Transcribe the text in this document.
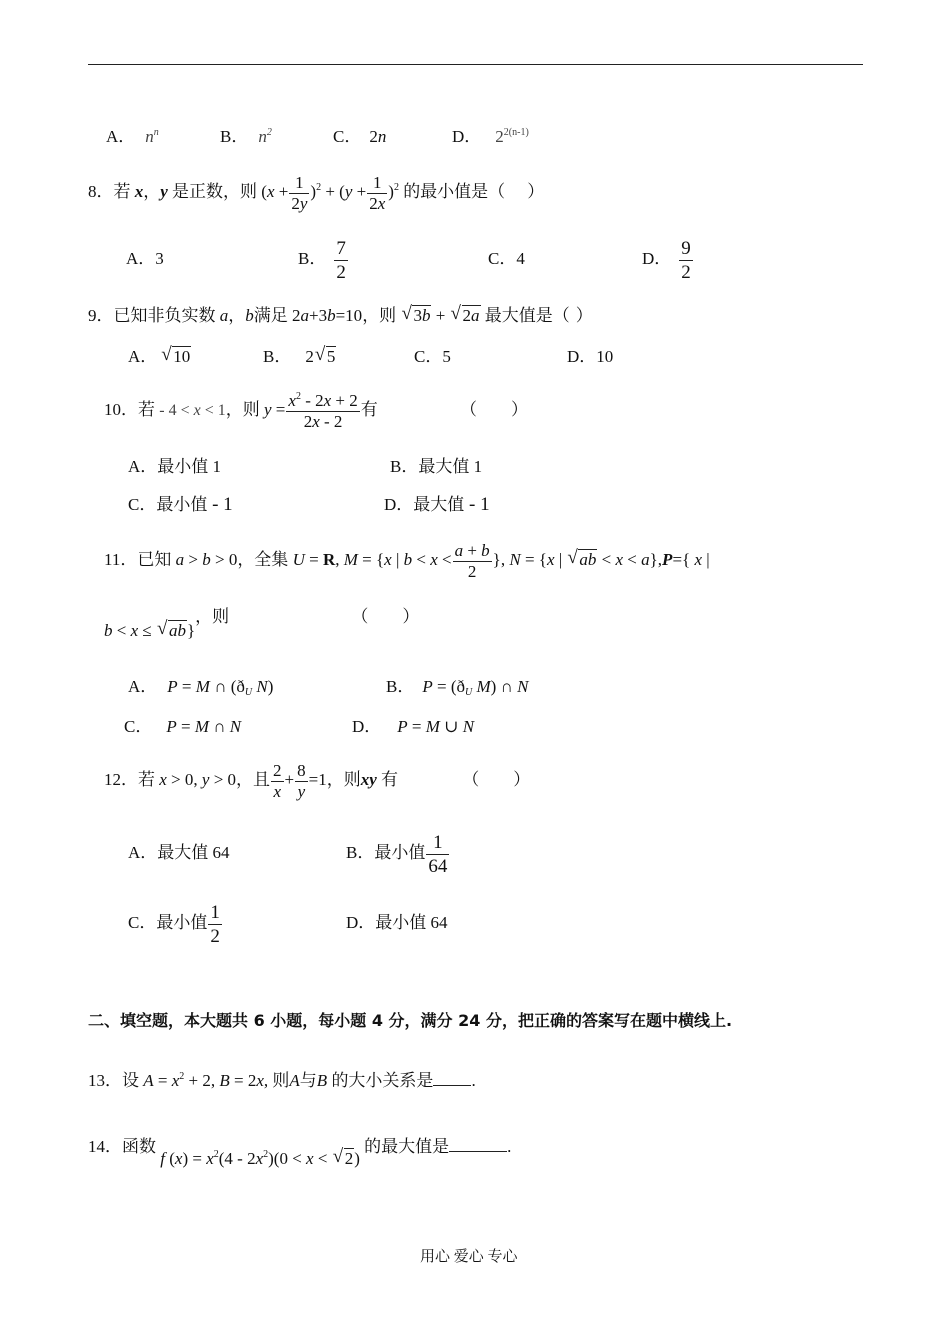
A． $n^n$	B． $n^2$	C． 2n	D． $2^{2(n-1)}$
8．若 x，y 是正数，则 $(x + \frac{1}{2y} )^2 + (y + \frac{1}{2x} )^2$ 的最小值是（ ）
A．3	B． $\frac{7}{2}$	C．4	D． $\frac{9}{2}$
9．已知非负实数 a，b满足 2a+3b=10，则 √ 3b + √ 2a 最大值是（ ）
A． √ 10	B． 2 √ 5	C．5	D．10
10．若 - 4 < x < 1，则 $y = \frac{x^2 - 2x + 2}{2x - 2}$ 有	（　　）
A．最小值 1	B．最大值 1
C．最小值 - 1	D．最大值 - 1
11．已知 a > b > 0，全集 U = R, M = {x | $b < x < \frac{a + b}{2}$ }, N = {x | √ ab < x < a},P={ x |
b < x ≤ √ ab}，则	（　　）
A． P = M ∩ ($ð_U$ N)	B． $P = (ð_U$ M) ∩ N
C． P = M ∩ N	D． P = M ∪ N
12．若 x > 0, y > 0，且 $\frac{2}{x} + \frac{8}{y} =1$，则xy 有	（　　）
A．最大值 64	B．最小值 $\frac{1}{64}$
C．最小值 $\frac{1}{2}$	D．最小值 64
二、填空题，本大题共 6 小题，每小题 4 分，满分 24 分，把正确的答案写在题中横线上.
13．设 $A = x^2 + 2$, B = 2x, 则A与B 的大小关系是 .
14．函数 f $(x) = x^2(4 - 2x^2)(0 < x$ < √ 2) 的最大值是	.
用心 爱心 专心
